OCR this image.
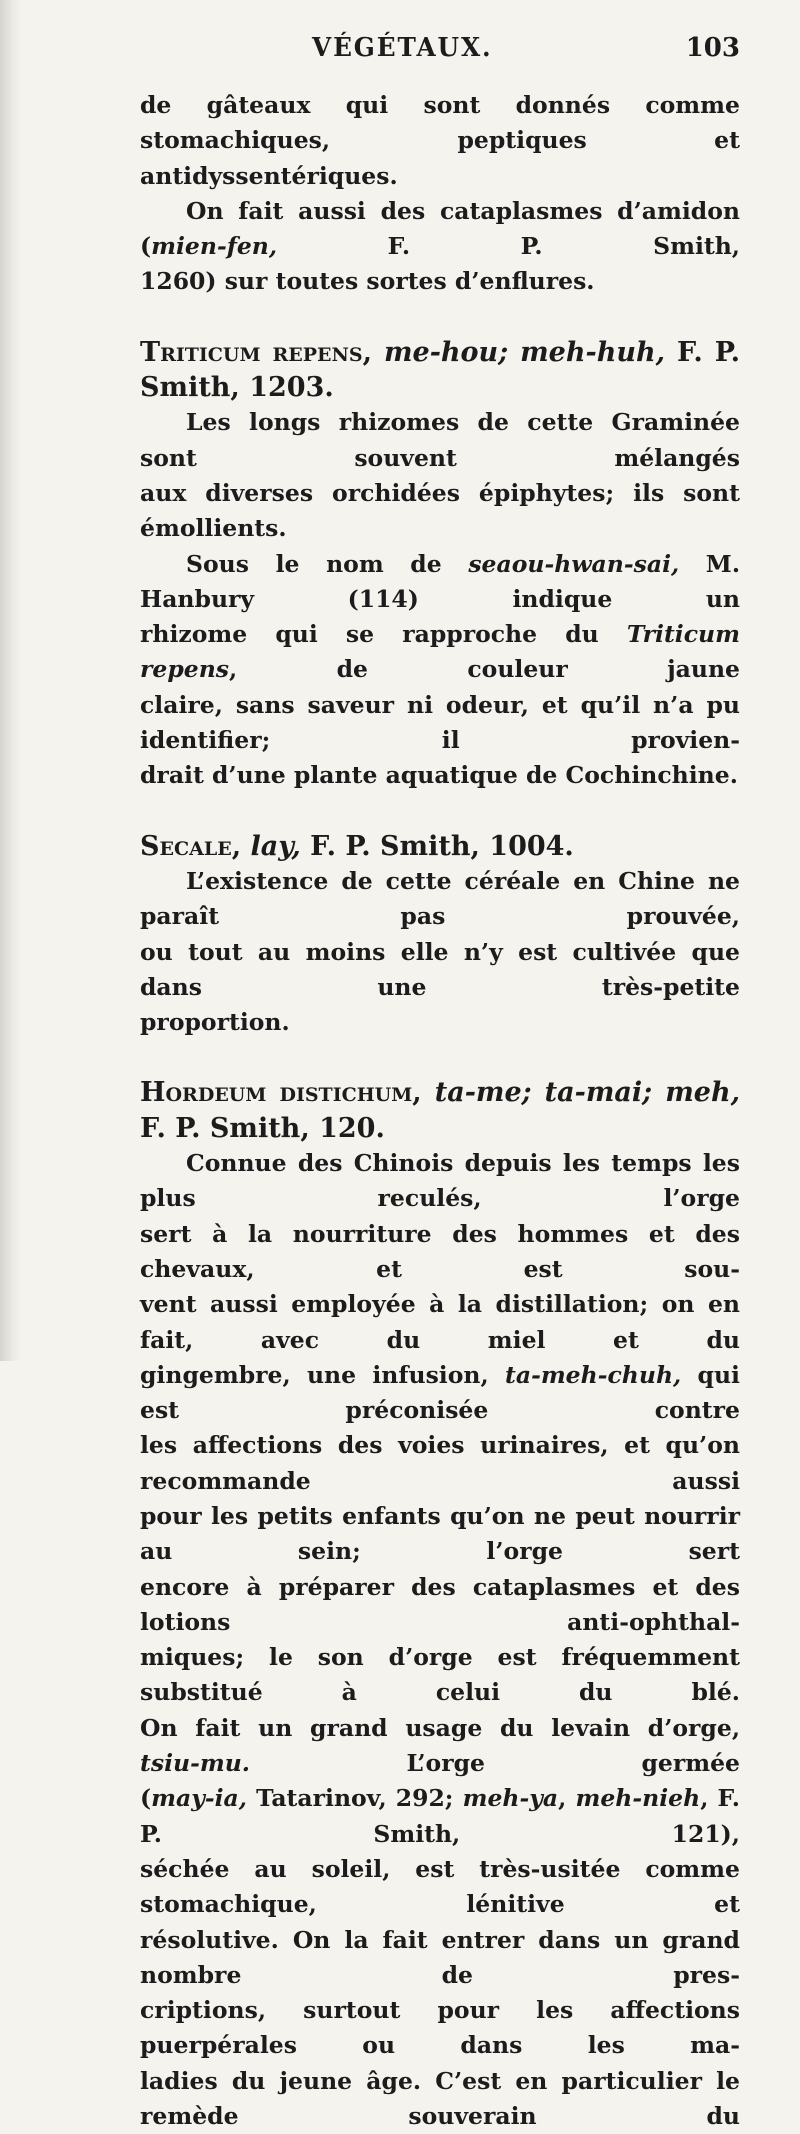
VÉGÉTAUX.	103

de gâteaux qui sont donnés comme stomachiques, peptiques et

antidyssentériques.

On fait aussi des cataplasmes d’amidon (mien-fen, F. P. Smith,

1260) sur toutes sortes d’enflures.

Triticum repens, me-hou; meh-huh, F. P. Smith, 1203.

Les longs rhizomes de cette Graminée sont souvent mélangés

aux diverses orchidées épiphytes; ils sont émollients.

Sous le nom de seaou-hwan-sai, M. Hanbury (114) indique un

rhizome qui se rapproche du Triticum repens, de couleur jaune

claire, sans saveur ni odeur, et qu’il n’a pu identifier; il provien-

drait d’une plante aquatique de Cochinchine.

Secale, lay, F. P. Smith, 1004.

L’existence de cette céréale en Chine ne paraît pas prouvée,

ou tout au moins elle n’y est cultivée que dans une très-petite

proportion.

Hordeum distichum, ta-me; ta-mai; meh, F. P. Smith, 120.

Connue des Chinois depuis les temps les plus reculés, l’orge

sert à la nourriture des hommes et des chevaux, et est sou-

vent aussi employée à la distillation; on en fait, avec du miel et du

gingembre, une infusion, ta-meh-chuh, qui est préconisée contre

les affections des voies urinaires, et qu’on recommande aussi

pour les petits enfants qu’on ne peut nourrir au sein; l’orge sert

encore à préparer des cataplasmes et des lotions anti-ophthal-

miques; le son d’orge est fréquemment substitué à celui du blé.

On fait un grand usage du levain d’orge, tsiu-mu. L’orge germée

(may-ia, Tatarinov, 292; meh-ya, meh-nieh, F. P. Smith, 121),

séchée au soleil, est très-usitée comme stomachique, lénitive et

résolutive. On la fait entrer dans un grand nombre de pres-

criptions, surtout pour les affections puerpérales ou dans les ma-

ladies du jeune âge. C’est en particulier le remède souverain du
